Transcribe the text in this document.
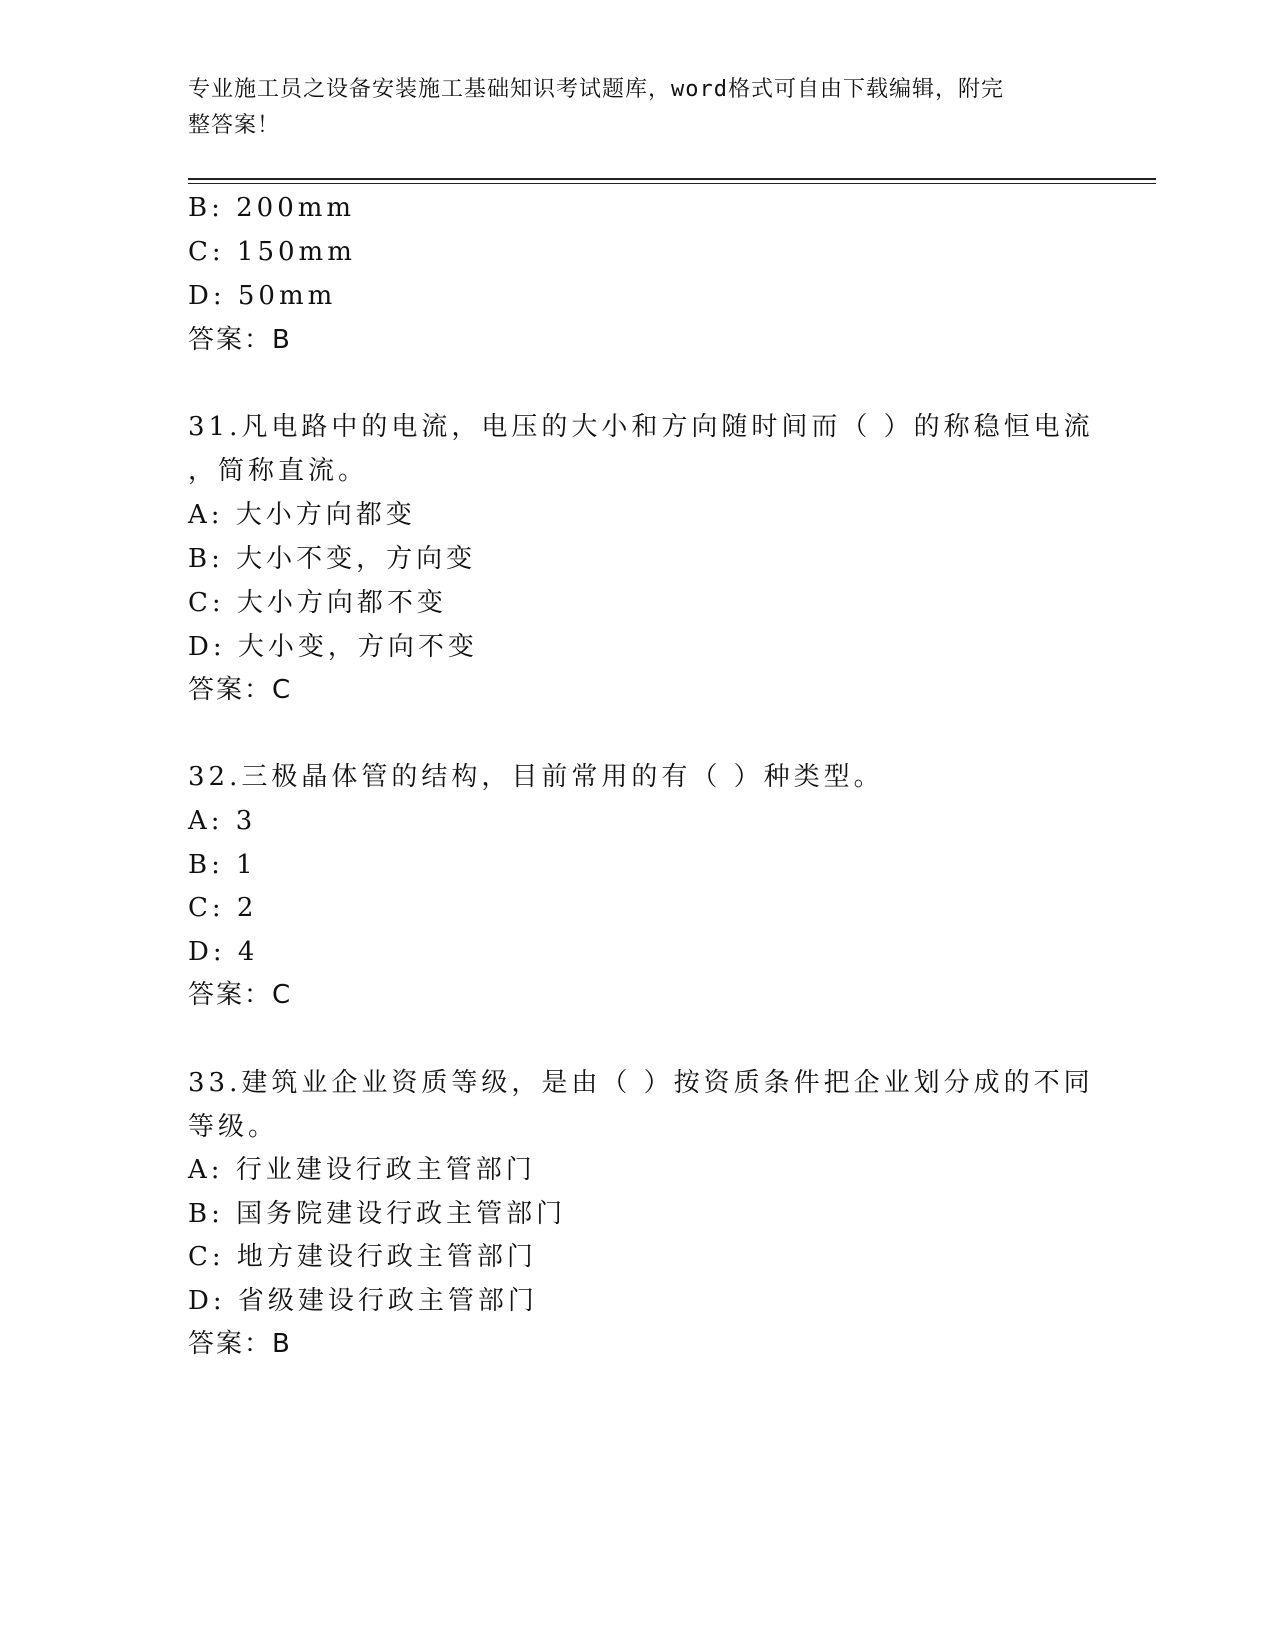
专业施工员之设备安装施工基础知识考试题库，word格式可自由下载编辑，附完
整答案！
B: 200mm
C: 150mm
D: 50mm
答案：B
31.凡电路中的电流，电压的大小和方向随时间而（ ）的称稳恒电流
，简称直流。
A: 大小方向都变
B: 大小不变，方向变
C: 大小方向都不变
D: 大小变，方向不变
答案：C
32.三极晶体管的结构，目前常用的有（ ）种类型。
A: 3
B: 1
C: 2
D: 4
答案：C
33.建筑业企业资质等级，是由（ ）按资质条件把企业划分成的不同
等级。
A: 行业建设行政主管部门
B: 国务院建设行政主管部门
C: 地方建设行政主管部门
D: 省级建设行政主管部门
答案：B
